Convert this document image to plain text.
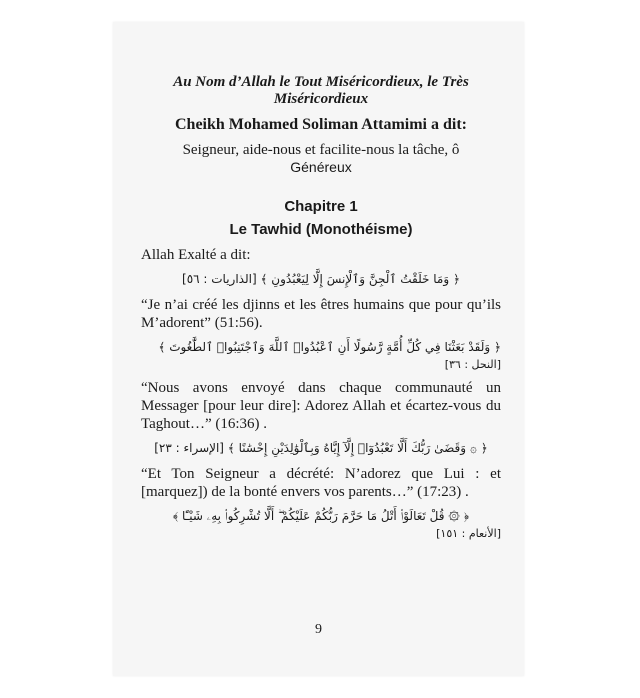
Au Nom d’Allah le Tout Miséricordieux, le Très Miséricordieux
Cheikh Mohamed Soliman Attamimi a dit:
Seigneur, aide-nous et facilite-nous la tâche, ô
Généreux
Chapitre 1
Le Tawhid (Monothéisme)
Allah Exalté a dit:
﴿ وَمَا خَلَقْتُ ٱلْجِنَّ وَٱلْإِنسَ إِلَّا لِيَعْبُدُونِ ﴾ [الذاريات : ٥٦]
“Je n’ai créé les djinns et les êtres humains que pour qu’ils M’adorent” (51:56).
﴿ وَلَقَدْ بَعَثْنَا فِي كُلِّ أُمَّةٍ رَّسُولًا أَنِ ٱعْبُدُوا۟ ٱللَّهَ وَٱجْتَنِبُوا۟ ٱلطَّٰغُوتَ ﴾
[النحل : ٣٦]
“Nous avons envoyé dans chaque communauté un Messager [pour leur dire]: Adorez Allah et écartez-vous du Taghout…” (16:36) .
﴿ ۞ وَقَضَىٰ رَبُّكَ أَلَّا تَعْبُدُوٓا۟ إِلَّآ إِيَّاهُ وَبِٱلْوَٰلِدَيْنِ إِحْسَٰنًا ﴾ [الإسراء : ٢٣]
“Et Ton Seigneur a décrété: N’adorez que Lui : et [marquez]) de la bonté envers vos parents…” (17:23) .
﴿ ۞ قُلْ تَعَالَوْا۟ أَتْلُ مَا حَرَّمَ رَبُّكُمْ عَلَيْكُمْ ۖ أَلَّا تُشْرِكُوا۟ بِهِۦ شَيْـًٔا ﴾
[الأنعام : ١٥١]
9
